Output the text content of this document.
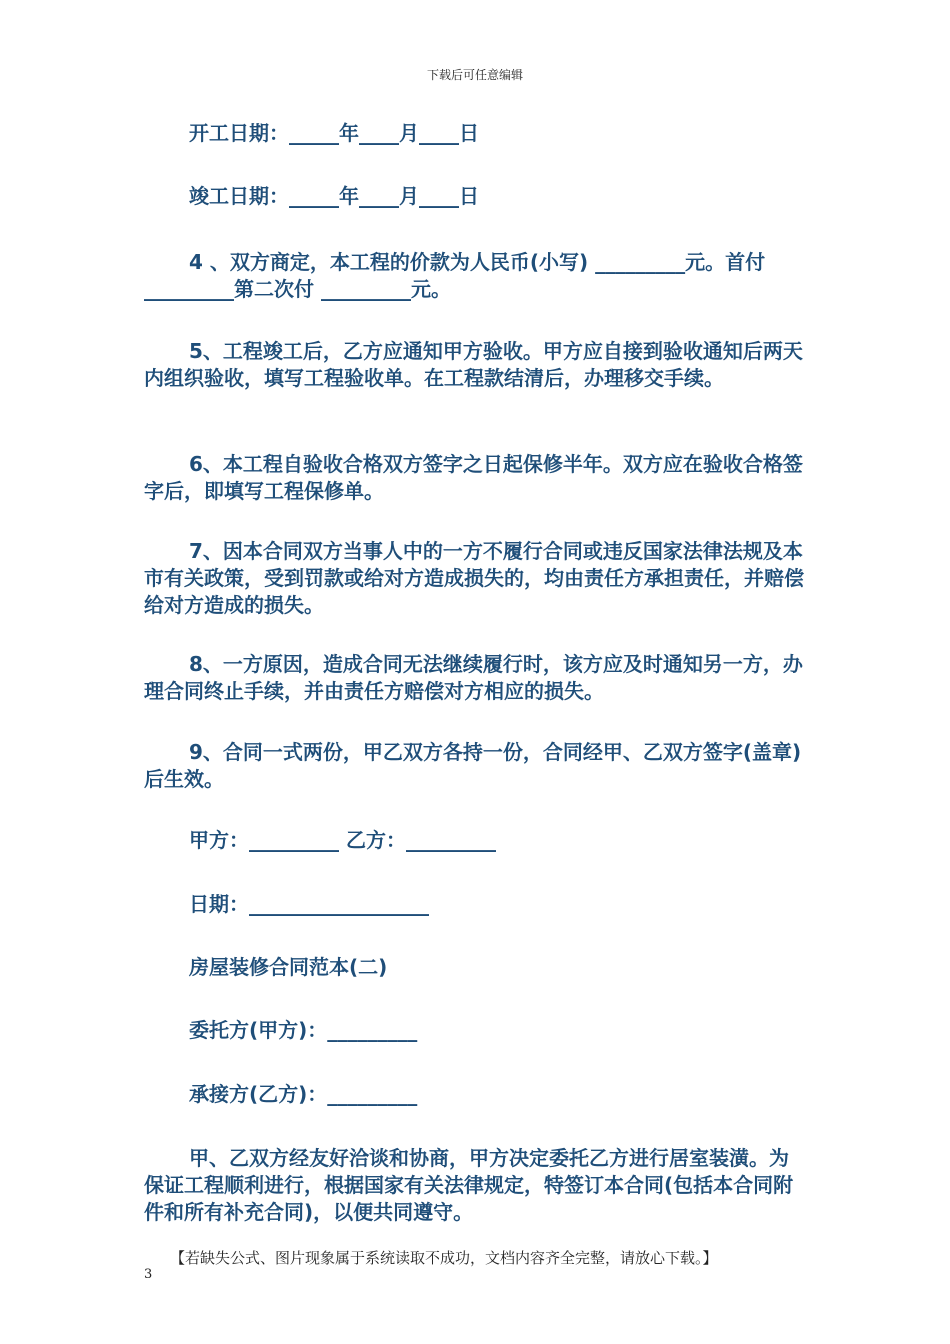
下载后可任意编辑

开工日期：_____年____月____日

竣工日期：_____年____月____日

4 、双方商定，本工程的价款为人民币(小写) _________元。首付 _________第二次付 _________元。

5、工程竣工后，乙方应通知甲方验收。甲方应自接到验收通知后两天内组织验收，填写工程验收单。在工程款结清后，办理移交手续。

6、本工程自验收合格双方签字之日起保修半年。双方应在验收合格签字后，即填写工程保修单。

7、因本合同双方当事人中的一方不履行合同或违反国家法律法规及本市有关政策，受到罚款或给对方造成损失的，均由责任方承担责任，并赔偿给对方造成的损失。

8、一方原因，造成合同无法继续履行时，该方应及时通知另一方，办理合同终止手续，并由责任方赔偿对方相应的损失。

9、合同一式两份，甲乙双方各持一份，合同经甲、乙双方签字(盖章)后生效。

甲方：_________ 乙方：_________

日期：__________________

房屋装修合同范本(二)

委托方(甲方)：_________

承接方(乙方)：_________

甲、乙双方经友好洽谈和协商，甲方决定委托乙方进行居室装潢。为保证工程顺利进行，根据国家有关法律规定，特签订本合同(包括本合同附件和所有补充合同)，以便共同遵守。

【若缺失公式、图片现象属于系统读取不成功，文档内容齐全完整，请放心下载。】
3
